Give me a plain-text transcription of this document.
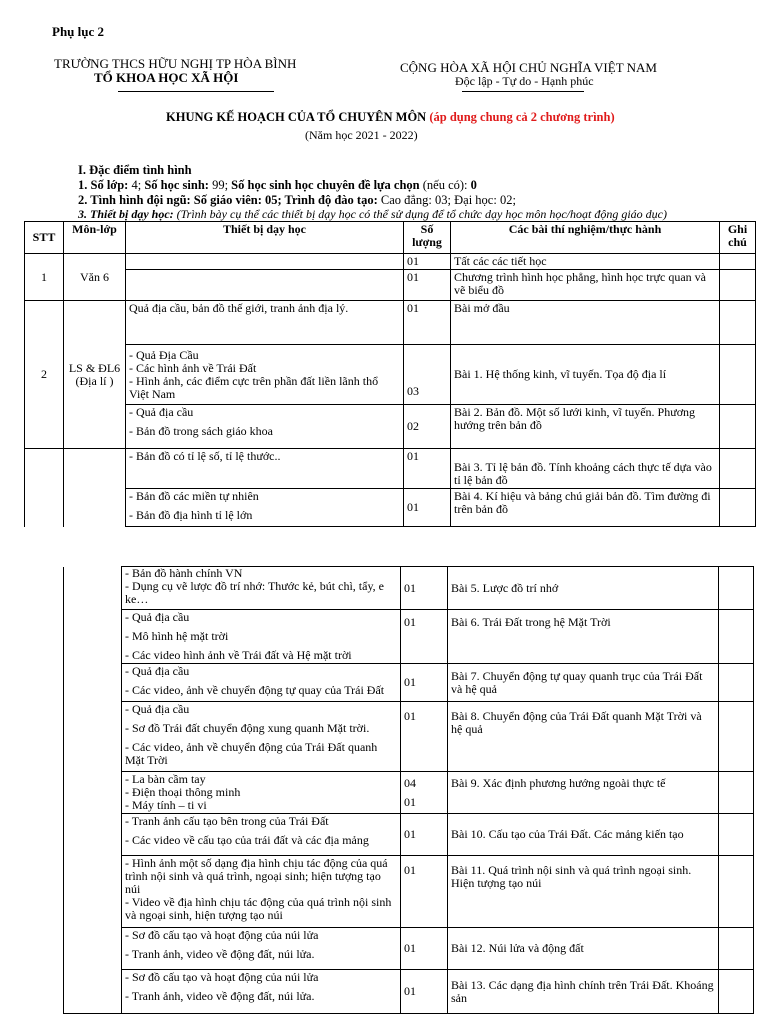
Phụ lục 2
TRƯỜNG THCS HỮU NGHỊ TP HÒA BÌNH
TỔ KHOA HỌC XÃ HỘI
CỘNG HÒA XÃ HỘI CHỦ NGHĨA VIỆT NAM
Độc lập - Tự do - Hạnh phúc
KHUNG KẾ HOẠCH CỦA TỔ CHUYÊN MÔN (áp dụng chung cả 2 chương trình)
(Năm học 2021 - 2022)
I. Đặc điểm tình hình
1. Số lớp: 4; Số học sinh: 99; Số học sinh học chuyên đề lựa chọn (nếu có): 0
2. Tình hình đội ngũ: Số giáo viên: 05; Trình độ đào tạo: Cao đẳng: 03; Đại học: 02;
3. Thiết bị dạy học: (Trình bày cụ thể các thiết bị dạy học có thể sử dụng để tổ chức dạy học môn học/hoạt động giáo dục)
STT	Môn-lớp	Thiết bị dạy học	Số lượng	Các bài thí nghiệm/thực hành	Ghi chú
1	Văn 6		01	Tất các các tiết học	
			01	Chương trình hình học phẳng, hình học trực quan và vẽ biểu đồ	
2	LS & ĐL6 (Địa lí )	Quả địa cầu, bản đồ thế giới, tranh ảnh địa lý.	01	Bài mở đầu	

		- Quả Địa Cầu
- Các hình ảnh về Trái Đất
- Hình ảnh, các điểm cực trên phần đất liền lãnh thổ Việt Nam	03	Bài 1. Hệ thống kinh, vĩ tuyến. Tọa độ địa lí	

		- Quả địa cầu
- Bản đồ trong sách giáo khoa	02	Bài 2. Bản đồ. Một số lưới kinh, vĩ tuyến. Phương hướng trên bản đồ	
		- Bản đồ có tỉ lệ số, tỉ lệ thước..	01	Bài 3. Tỉ lệ bản đồ. Tính khoảng cách thực tế dựa vào tỉ lệ bản đồ	

		- Bản đồ các miền tự nhiên
- Bản đồ địa hình tỉ lệ lớn	01	Bài 4. Kí hiệu và bảng chú giải bản đồ. Tìm đường đi trên bản đồ	

	- Bản đồ hành chính VN
- Dụng cụ vẽ lược đồ trí nhớ: Thước kẻ, bút chì, tẩy, e ke…	01	Bài 5. Lược đồ trí nhớ	

	- Quả địa cầu
- Mô hình hệ mặt trời
- Các video hình ảnh về Trái đất và Hệ mặt trời	01	Bài 6. Trái Đất trong hệ Mặt Trời	

	- Quả địa cầu
- Các video, ảnh về chuyển động tự quay của Trái Đất	01	Bài 7. Chuyển động tự quay quanh trục của Trái Đất và hệ quả	

	- Quả địa cầu
- Sơ đồ Trái đất chuyển động xung quanh Mặt trời.
- Các video, ảnh về chuyển động của Trái Đất quanh Mặt Trời	01	Bài 8. Chuyển động của Trái Đất quanh Mặt Trời và hệ quả	

	- La bàn cầm tay
- Điện thoại thông minh
- Máy tính – ti vi	04
01	Bài 9. Xác định phương hướng ngoài thực tế	

	- Tranh ảnh cấu tạo bên trong của Trái Đất
- Các video về cấu tạo của trái đất và các địa mảng	01	Bài 10. Cấu tạo của Trái Đất. Các mảng kiến tạo	

	- Hình ảnh một số dạng địa hình chịu tác động của quá trình nội sinh và quá trình, ngoại sinh; hiện tượng tạo núi
- Video về địa hình chịu tác động của quá trình nội sinh và ngoại sinh, hiện tượng tạo núi	01	Bài 11. Quá trình nội sinh và quá trình ngoại sinh. Hiện tượng tạo núi	

	- Sơ đồ cấu tạo và hoạt động của núi lửa
- Tranh ảnh, video về động đất, núi lửa.	01	Bài 12. Núi lửa và động đất	

	- Sơ đồ cấu tạo và hoạt động của núi lửa
- Tranh ảnh, video về động đất, núi lửa.	01	Bài 13. Các dạng địa hình chính trên Trái Đất. Khoáng sản	
